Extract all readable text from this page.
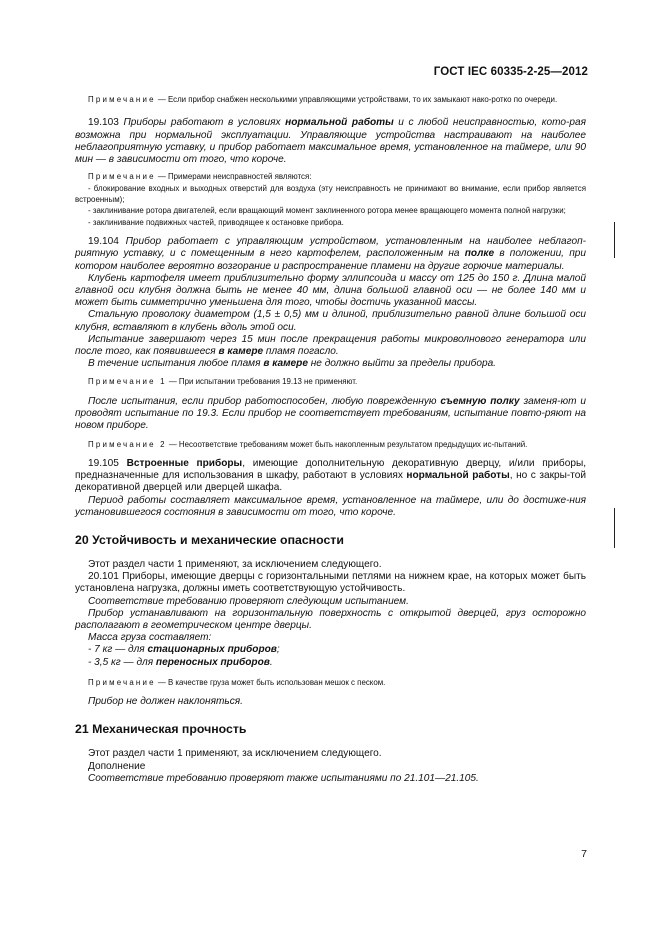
ГОСТ IEC 60335-2-25—2012

Примечание — Если прибор снабжен несколькими управляющими устройствами, то их замыкают нако-ротко по очереди.

19.103 Приборы работают в условиях нормальной работы и с любой неисправностью, кото-рая возможна при нормальной эксплуатации. Управляющие устройства настраивают на наиболее неблагоприятную уставку, и прибор работает максимальное время, установленное на таймере, или 90 мин — в зависимости от того, что короче.

Примечание — Примерами неисправностей являются:

- блокирование входных и выходных отверстий для воздуха (эту неисправность не принимают во внимание, если прибор является встроенным);

- заклинивание ротора двигателей, если вращающий момент заклиненного ротора менее вращающего момента полной нагрузки;

- заклинивание подвижных частей, приводящее к остановке прибора.

19.104 Прибор работает с управляющим устройством, установленным на наиболее неблагоп-риятную уставку, и с помещенным в него картофелем, расположенным на полке в положении, при котором наиболее вероятно возгорание и распространение пламени на другие горючие материалы.

Клубень картофеля имеет приблизительно форму эллипсоида и массу от 125 до 150 г. Длина малой главной оси клубня должна быть не менее 40 мм, длина большой главной оси — не более 140 мм и может быть симметрично уменьшена для того, чтобы достичь указанной массы.

Стальную проволоку диаметром (1,5 ± 0,5) мм и длиной, приблизительно равной длине большой оси клубня, вставляют в клубень вдоль этой оси.

Испытание завершают через 15 мин после прекращения работы микроволнового генератора или после того, как появившееся в камере пламя погасло.

В течение испытания любое пламя в камере не должно выйти за пределы прибора.

Примечание 1 — При испытании требования 19.13 не применяют.

После испытания, если прибор работоспособен, любую поврежденную съемную полку заменя-ют и проводят испытание по 19.3. Если прибор не соответствует требованиям, испытание повто-ряют на новом приборе.

Примечание 2 — Несоответствие требованиям может быть накопленным результатом предыдущих ис-пытаний.

19.105 Встроенные приборы, имеющие дополнительную декоративную дверцу, и/или приборы, предназначенные для использования в шкафу, работают в условиях нормальной работы, но с закры-той декоративной дверцей или дверцей шкафа.

Период работы составляет максимальное время, установленное на таймере, или до достиже-ния установившегося состояния в зависимости от того, что короче.

20 Устойчивость и механические опасности

Этот раздел части 1 применяют, за исключением следующего.

20.101 Приборы, имеющие дверцы с горизонтальными петлями на нижнем крае, на которых может быть установлена нагрузка, должны иметь соответствующую устойчивость.

Соответствие требованию проверяют следующим испытанием.

Прибор устанавливают на горизонтальную поверхность с открытой дверцей, груз осторожно располагают в геометрическом центре дверцы.

Масса груза составляет:

- 7 кг — для стационарных приборов;

- 3,5 кг — для переносных приборов.

Примечание — В качестве груза может быть использован мешок с песком.

Прибор не должен наклоняться.

21 Механическая прочность

Этот раздел части 1 применяют, за исключением следующего.

Дополнение

Соответствие требованию проверяют также испытаниями по 21.101—21.105.

7
